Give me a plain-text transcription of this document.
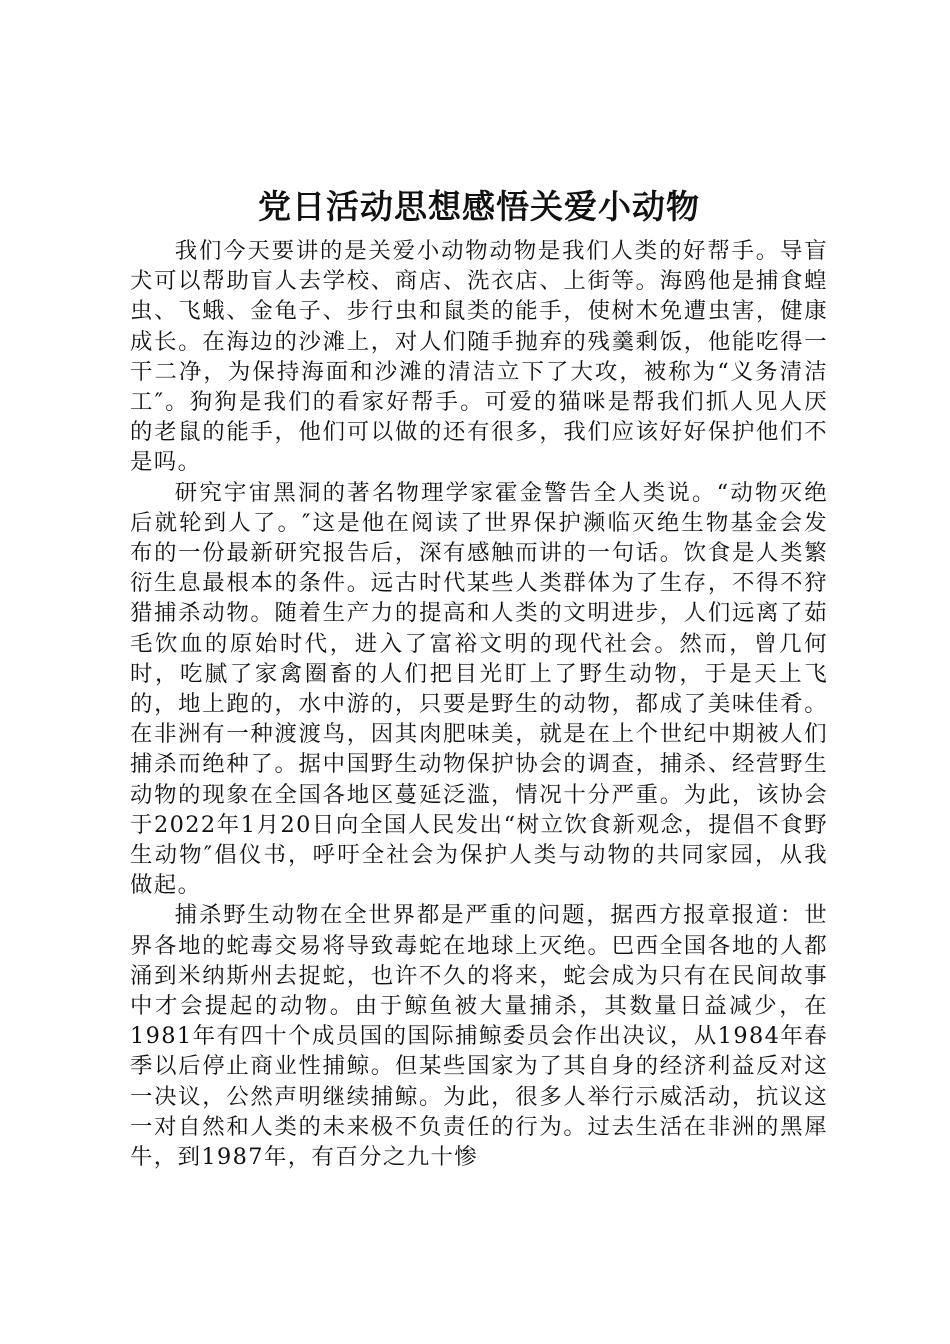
党日活动思想感悟关爱小动物

我们今天要讲的是关爱小动物动物是我们人类的好帮手。导盲犬可以帮助盲人去学校、商店、洗衣店、上街等。海鸥他是捕食蝗虫、飞蛾、金龟子、步行虫和鼠类的能手，使树木免遭虫害，健康成长。在海边的沙滩上，对人们随手抛弃的残羹剩饭，他能吃得一干二净，为保持海面和沙滩的清洁立下了大攻，被称为“义务清洁工″。狗狗是我们的看家好帮手。可爱的猫咪是帮我们抓人见人厌的老鼠的能手，他们可以做的还有很多，我们应该好好保护他们不是吗。

研究宇宙黑洞的著名物理学家霍金警告全人类说。“动物灭绝后就轮到人了。″这是他在阅读了世界保护濒临灭绝生物基金会发布的一份最新研究报告后，深有感触而讲的一句话。饮食是人类繁衍生息最根本的条件。远古时代某些人类群体为了生存，不得不狩猎捕杀动物。随着生产力的提高和人类的文明进步，人们远离了茹毛饮血的原始时代，进入了富裕文明的现代社会。然而，曾几何时，吃腻了家禽圈畜的人们把目光盯上了野生动物，于是天上飞的，地上跑的，水中游的，只要是野生的动物，都成了美味佳肴。在非洲有一种渡渡鸟，因其肉肥味美，就是在上个世纪中期被人们捕杀而绝种了。据中国野生动物保护协会的调查，捕杀、经营野生动物的现象在全国各地区蔓延泛滥，情况十分严重。为此，该协会于2022年1月20日向全国人民发出“树立饮食新观念，提倡不食野生动物″倡仪书，呼吁全社会为保护人类与动物的共同家园，从我做起。

捕杀野生动物在全世界都是严重的问题，据西方报章报道：世界各地的蛇毒交易将导致毒蛇在地球上灭绝。巴西全国各地的人都涌到米纳斯州去捉蛇，也许不久的将来，蛇会成为只有在民间故事中才会提起的动物。由于鲸鱼被大量捕杀，其数量日益减少，在1981年有四十个成员国的国际捕鲸委员会作出决议，从1984年春季以后停止商业性捕鲸。但某些国家为了其自身的经济利益反对这一决议，公然声明继续捕鲸。为此，很多人举行示威活动，抗议这一对自然和人类的未来极不负责任的行为。过去生活在非洲的黑犀牛，到1987年，有百分之九十惨
